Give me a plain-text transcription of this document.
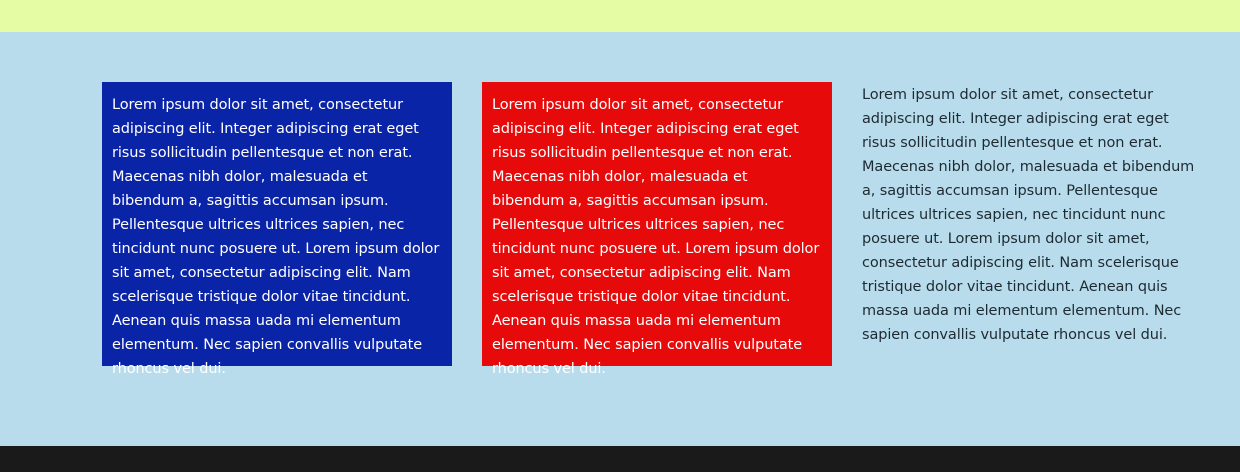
Lorem ipsum dolor sit amet, consectetur adipiscing elit. Integer adipiscing erat eget risus sollicitudin pellentesque et non erat. Maecenas nibh dolor, malesuada et bibendum a, sagittis accumsan ipsum. Pellentesque ultrices ultrices sapien, nec tincidunt nunc posuere ut. Lorem ipsum dolor sit amet, consectetur adipiscing elit. Nam scelerisque tristique dolor vitae tincidunt. Aenean quis massa uada mi elementum elementum. Nec sapien convallis vulputate rhoncus vel dui.
Lorem ipsum dolor sit amet, consectetur adipiscing elit. Integer adipiscing erat eget risus sollicitudin pellentesque et non erat. Maecenas nibh dolor, malesuada et bibendum a, sagittis accumsan ipsum. Pellentesque ultrices ultrices sapien, nec tincidunt nunc posuere ut. Lorem ipsum dolor sit amet, consectetur adipiscing elit. Nam scelerisque tristique dolor vitae tincidunt. Aenean quis massa uada mi elementum elementum. Nec sapien convallis vulputate rhoncus vel dui.
Lorem ipsum dolor sit amet, consectetur adipiscing elit. Integer adipiscing erat eget risus sollicitudin pellentesque et non erat. Maecenas nibh dolor, malesuada et bibendum a, sagittis accumsan ipsum. Pellentesque ultrices ultrices sapien, nec tincidunt nunc posuere ut. Lorem ipsum dolor sit amet, consectetur adipiscing elit. Nam scelerisque tristique dolor vitae tincidunt. Aenean quis massa uada mi elementum elementum. Nec sapien convallis vulputate rhoncus vel dui.
